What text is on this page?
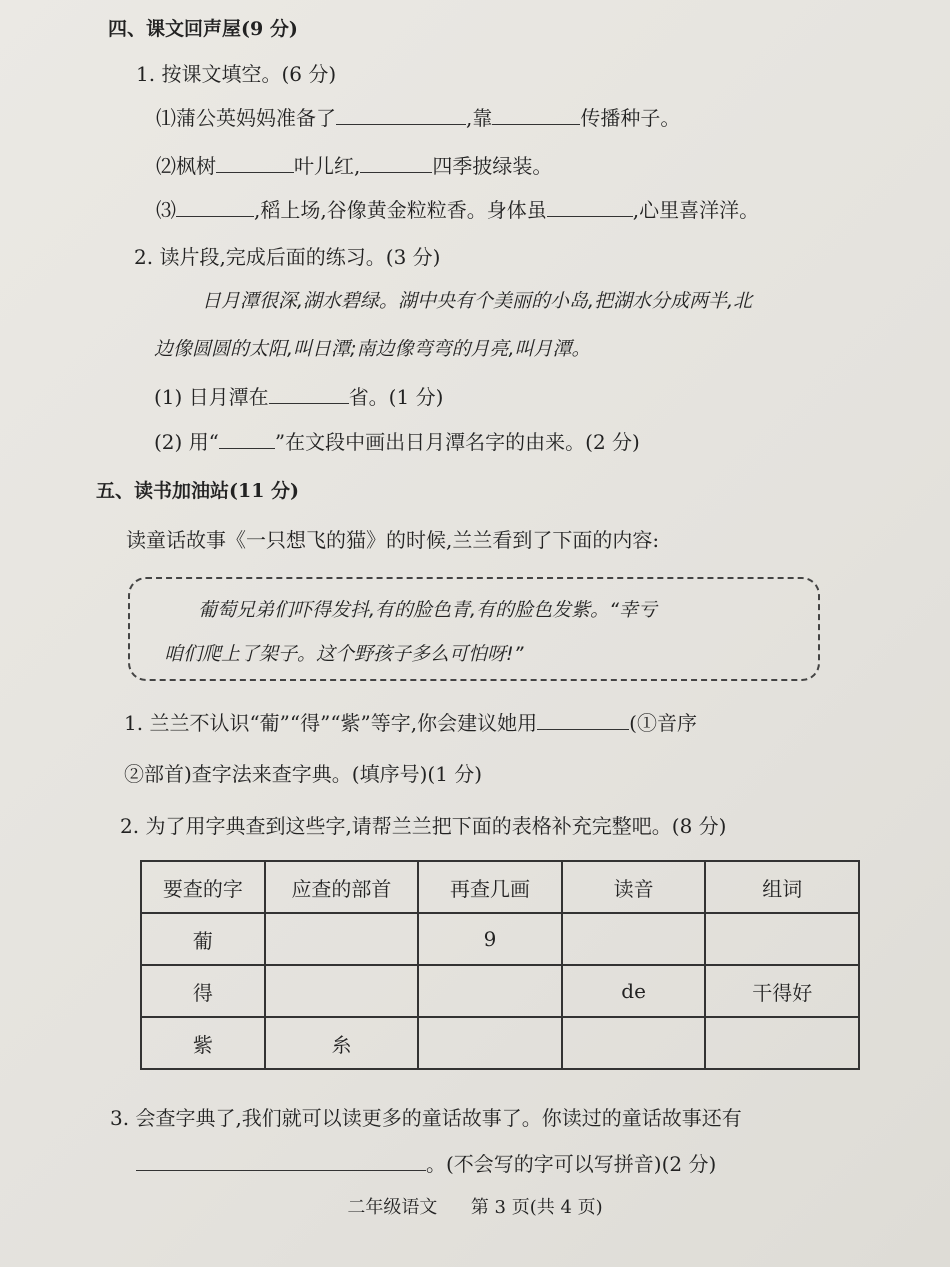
四、课文回声屋(9 分)
1. 按课文填空。(6 分)
⑴蒲公英妈妈准备了	,靠	传播种子。
⑵枫树	叶儿红,	四季披绿装。
⑶	,稻上场,谷像黄金粒粒香。身体虽	,心里喜洋洋。
2. 读片段,完成后面的练习。(3 分)
日月潭很深,湖水碧绿。湖中央有个美丽的小岛,把湖水分成两半,北
边像圆圆的太阳,叫日潭;南边像弯弯的月亮,叫月潭。
(1) 日月潭在	省。(1 分)
(2) 用“	”在文段中画出日月潭名字的由来。(2 分)
五、读书加油站(11 分)
读童话故事《一只想飞的猫》的时候,兰兰看到了下面的内容:
葡萄兄弟们吓得发抖,有的脸色青,有的脸色发紫。“幸亏
咱们爬上了架子。这个野孩子多么可怕呀!”
1. 兰兰不认识“葡”“得”“紫”等字,你会建议她用	(①音序
②部首)查字法来查字典。(填序号)(1 分)
2. 为了用字典查到这些字,请帮兰兰把下面的表格补充完整吧。(8 分)
要查的字	应查的部首	再查几画	读音	组词
葡		9		
得			de	干得好
紫	糸			
3. 会查字典了,我们就可以读更多的童话故事了。你读过的童话故事还有
。(不会写的字可以写拼音)(2 分)
二年级语文 第 3 页(共 4 页)
